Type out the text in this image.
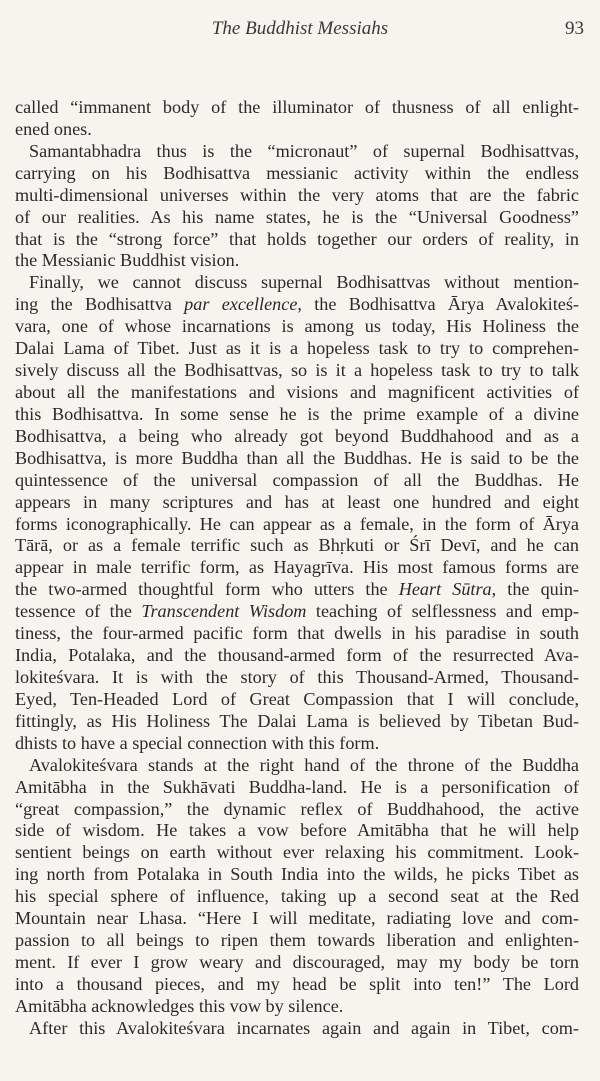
The Buddhist Messiahs	93
called “immanent body of the illuminator of thusness of all enlight-
ened ones.
Samantabhadra thus is the “micronaut” of supernal Bodhisattvas,
carrying on his Bodhisattva messianic activity within the endless
multi-dimensional universes within the very atoms that are the fabric
of our realities. As his name states, he is the “Universal Goodness”
that is the “strong force” that holds together our orders of reality, in
the Messianic Buddhist vision.
Finally, we cannot discuss supernal Bodhisattvas without mention-
ing the Bodhisattva par excellence, the Bodhisattva Ārya Avalokiteś-
vara, one of whose incarnations is among us today, His Holiness the
Dalai Lama of Tibet. Just as it is a hopeless task to try to comprehen-
sively discuss all the Bodhisattvas, so is it a hopeless task to try to talk
about all the manifestations and visions and magnificent activities of
this Bodhisattva. In some sense he is the prime example of a divine
Bodhisattva, a being who already got beyond Buddhahood and as a
Bodhisattva, is more Buddha than all the Buddhas. He is said to be the
quintessence of the universal compassion of all the Buddhas. He
appears in many scriptures and has at least one hundred and eight
forms iconographically. He can appear as a female, in the form of Ārya
Tārā, or as a female terrific such as Bhṛkuti or Śrī Devī, and he can
appear in male terrific form, as Hayagrīva. His most famous forms are
the two-armed thoughtful form who utters the Heart Sūtra, the quin-
tessence of the Transcendent Wisdom teaching of selflessness and emp-
tiness, the four-armed pacific form that dwells in his paradise in south
India, Potalaka, and the thousand-armed form of the resurrected Ava-
lokiteśvara. It is with the story of this Thousand-Armed, Thousand-
Eyed, Ten-Headed Lord of Great Compassion that I will conclude,
fittingly, as His Holiness The Dalai Lama is believed by Tibetan Bud-
dhists to have a special connection with this form.
Avalokiteśvara stands at the right hand of the throne of the Buddha
Amitābha in the Sukhāvati Buddha-land. He is a personification of
“great compassion,” the dynamic reflex of Buddhahood, the active
side of wisdom. He takes a vow before Amitābha that he will help
sentient beings on earth without ever relaxing his commitment. Look-
ing north from Potalaka in South India into the wilds, he picks Tibet as
his special sphere of influence, taking up a second seat at the Red
Mountain near Lhasa. “Here I will meditate, radiating love and com-
passion to all beings to ripen them towards liberation and enlighten-
ment. If ever I grow weary and discouraged, may my body be torn
into a thousand pieces, and my head be split into ten!” The Lord
Amitābha acknowledges this vow by silence.
After this Avalokiteśvara incarnates again and again in Tibet, com-
